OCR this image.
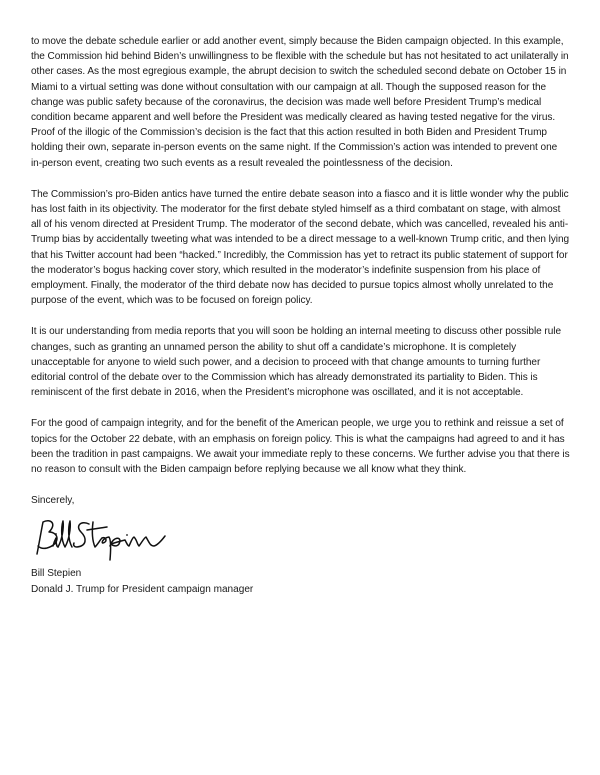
to move the debate schedule earlier or add another event, simply because the Biden campaign objected. In this example, the Commission hid behind Biden’s unwillingness to be flexible with the schedule but has not hesitated to act unilaterally in other cases. As the most egregious example, the abrupt decision to switch the scheduled second debate on October 15 in Miami to a virtual setting was done without consultation with our campaign at all. Though the supposed reason for the change was public safety because of the coronavirus, the decision was made well before President Trump’s medical condition became apparent and well before the President was medically cleared as having tested negative for the virus. Proof of the illogic of the Commission’s decision is the fact that this action resulted in both Biden and President Trump holding their own, separate in-person events on the same night. If the Commission’s action was intended to prevent one in-person event, creating two such events as a result revealed the pointlessness of the decision.

The Commission’s pro-Biden antics have turned the entire debate season into a fiasco and it is little wonder why the public has lost faith in its objectivity. The moderator for the first debate styled himself as a third combatant on stage, with almost all of his venom directed at President Trump. The moderator of the second debate, which was cancelled, revealed his anti-Trump bias by accidentally tweeting what was intended to be a direct message to a well-known Trump critic, and then lying that his Twitter account had been “hacked.” Incredibly, the Commission has yet to retract its public statement of support for the moderator’s bogus hacking cover story, which resulted in the moderator’s indefinite suspension from his place of employment. Finally, the moderator of the third debate now has decided to pursue topics almost wholly unrelated to the purpose of the event, which was to be focused on foreign policy.

It is our understanding from media reports that you will soon be holding an internal meeting to discuss other possible rule changes, such as granting an unnamed person the ability to shut off a candidate’s microphone. It is completely unacceptable for anyone to wield such power, and a decision to proceed with that change amounts to turning further editorial control of the debate over to the Commission which has already demonstrated its partiality to Biden. This is reminiscent of the first debate in 2016, when the President’s microphone was oscillated, and it is not acceptable.

For the good of campaign integrity, and for the benefit of the American people, we urge you to rethink and reissue a set of topics for the October 22 debate, with an emphasis on foreign policy. This is what the campaigns had agreed to and it has been the tradition in past campaigns. We await your immediate reply to these concerns. We further advise you that there is no reason to consult with the Biden campaign before replying because we all know what they think.

Sincerely,

Bill Stepien

Donald J. Trump for President campaign manager
